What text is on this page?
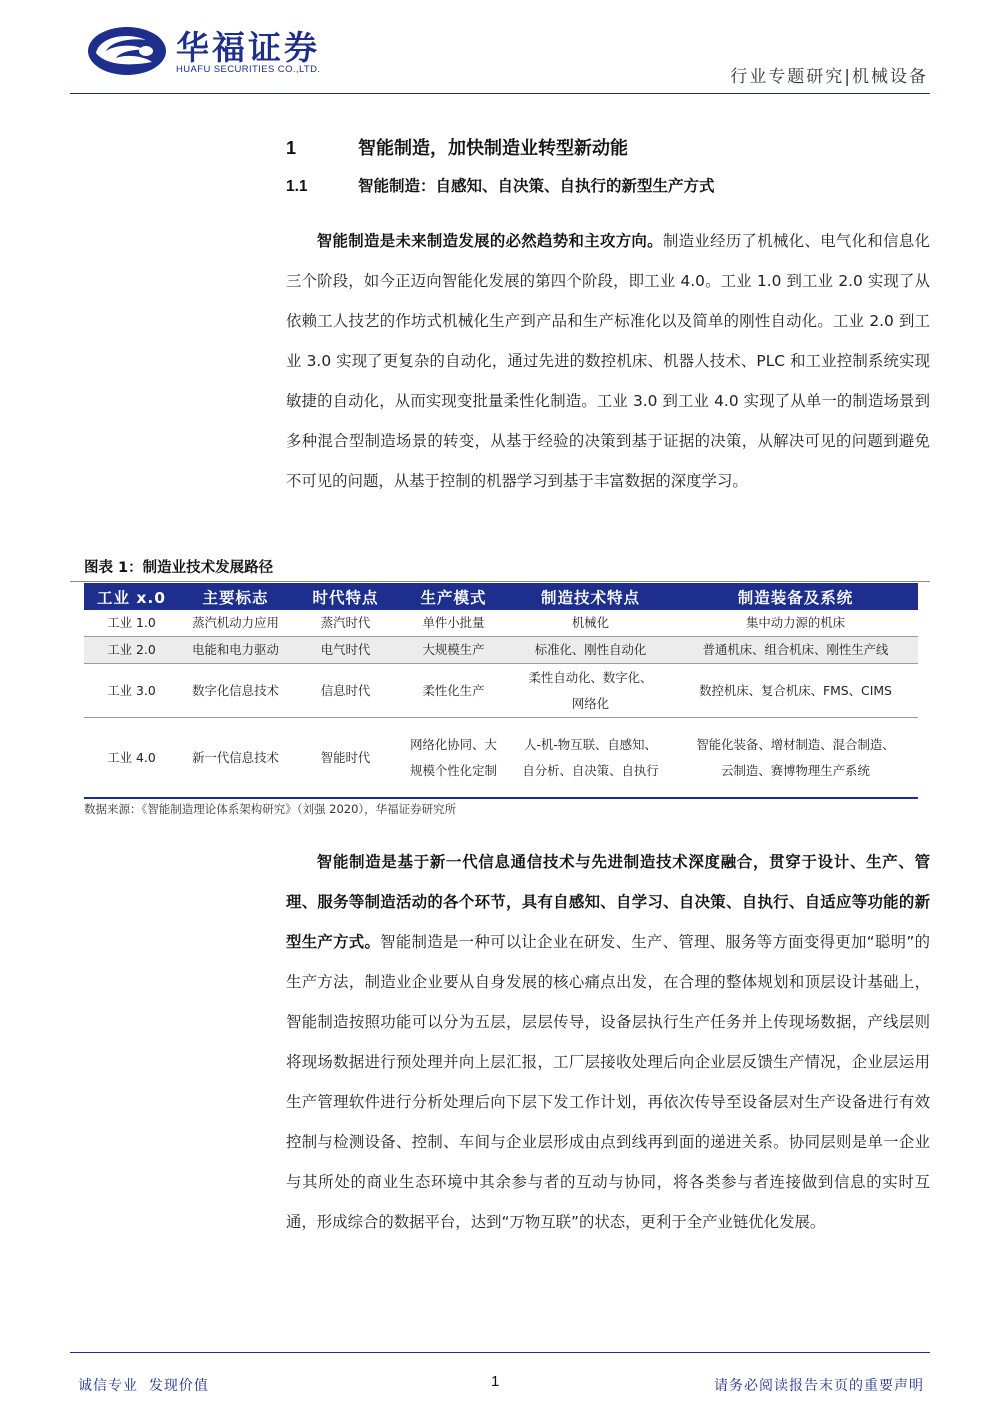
华福证券
HUAFU SECURITIES CO.,LTD.	行业专题研究|机械设备
1	智能制造，加快制造业转型新动能
1.1	智能制造：自感知、自决策、自执行的新型生产方式

智能制造是未来制造发展的必然趋势和主攻方向。制造业经历了机械化、电气化和信息化三个阶段，如今正迈向智能化发展的第四个阶段，即工业 4.0。工业 1.0 到工业 2.0 实现了从依赖工人技艺的作坊式机械化生产到产品和生产标准化以及简单的刚性自动化。工业 2.0 到工业 3.0 实现了更复杂的自动化，通过先进的数控机床、机器人技术、PLC 和工业控制系统实现敏捷的自动化，从而实现变批量柔性化制造。工业 3.0 到工业 4.0 实现了从单一的制造场景到多种混合型制造场景的转变，从基于经验的决策到基于证据的决策，从解决可见的问题到避免不可见的问题，从基于控制的机器学习到基于丰富数据的深度学习。

图表 1：制造业技术发展路径
工业 x.0	主要标志	时代特点	生产模式	制造技术特点	制造装备及系统
工业 1.0	蒸汽机动力应用	蒸汽时代	单件小批量	机械化	集中动力源的机床
工业 2.0	电能和电力驱动	电气时代	大规模生产	标准化、刚性自动化	普通机床、组合机床、刚性生产线
工业 3.0	数字化信息技术	信息时代	柔性化生产	柔性自动化、数字化、网络化	数控机床、复合机床、FMS、CIMS
工业 4.0	新一代信息技术	智能时代	网络化协同、大规模个性化定制	人-机-物互联、自感知、自分析、自决策、自执行	智能化装备、增材制造、混合制造、云制造、赛博物理生产系统
数据来源：《智能制造理论体系架构研究》（刘强 2020），华福证券研究所

智能制造是基于新一代信息通信技术与先进制造技术深度融合，贯穿于设计、生产、管理、服务等制造活动的各个环节，具有自感知、自学习、自决策、自执行、自适应等功能的新型生产方式。智能制造是一种可以让企业在研发、生产、管理、服务等方面变得更加“聪明”的生产方法，制造业企业要从自身发展的核心痛点出发，在合理的整体规划和顶层设计基础上，智能制造按照功能可以分为五层，层层传导，设备层执行生产任务并上传现场数据，产线层则将现场数据进行预处理并向上层汇报，工厂层接收处理后向企业层反馈生产情况，企业层运用生产管理软件进行分析处理后向下层下发工作计划，再依次传导至设备层对生产设备进行有效控制与检测设备、控制、车间与企业层形成由点到线再到面的递进关系。协同层则是单一企业与其所处的商业生态环境中其余参与者的互动与协同，将各类参与者连接做到信息的实时互通，形成综合的数据平台，达到“万物互联”的状态，更利于全产业链优化发展。

诚信专业  发现价值	1	请务必阅读报告末页的重要声明
